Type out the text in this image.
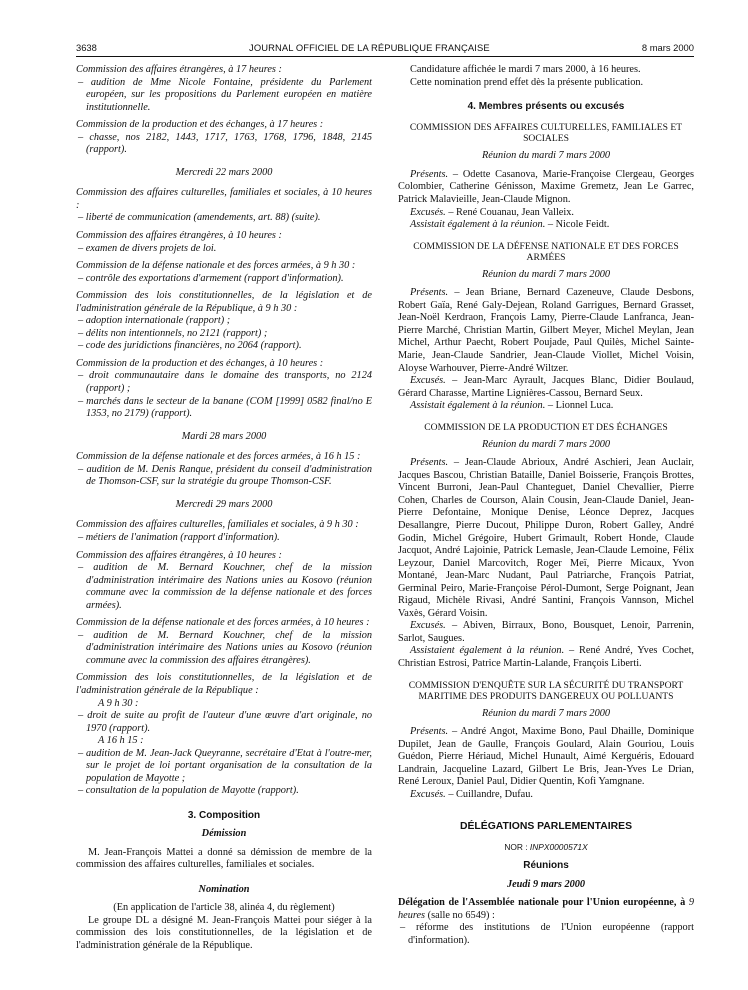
3638	JOURNAL OFFICIEL DE LA RÉPUBLIQUE FRANÇAISE	8 mars 2000
Commission des affaires étrangères, à 17 heures :
– audition de Mme Nicole Fontaine, présidente du Parlement européen, sur les propositions du Parlement européen en matière institutionnelle.
Commission de la production et des échanges, à 17 heures :
– chasse, nos 2182, 1443, 1717, 1763, 1768, 1796, 1848, 2145 (rapport).
Mercredi 22 mars 2000
Commission des affaires culturelles, familiales et sociales, à 10 heures :
– liberté de communication (amendements, art. 88) (suite).
Commission des affaires étrangères, à 10 heures :
– examen de divers projets de loi.
Commission de la défense nationale et des forces armées, à 9 h 30 :
– contrôle des exportations d'armement (rapport d'information).
Commission des lois constitutionnelles, de la législation et de l'administration générale de la République, à 9 h 30 :
– adoption internationale (rapport) ;
– délits non intentionnels, no 2121 (rapport) ;
– code des juridictions financières, no 2064 (rapport).
Commission de la production et des échanges, à 10 heures :
– droit communautaire dans le domaine des transports, no 2124 (rapport) ;
– marchés dans le secteur de la banane (COM [1999] 0582 final/no E 1353, no 2179) (rapport).
Mardi 28 mars 2000
Commission de la défense nationale et des forces armées, à 16 h 15 :
– audition de M. Denis Ranque, président du conseil d'administration de Thomson-CSF, sur la stratégie du groupe Thomson-CSF.
Mercredi 29 mars 2000
Commission des affaires culturelles, familiales et sociales, à 9 h 30 :
– métiers de l'animation (rapport d'information).
Commission des affaires étrangères, à 10 heures :
– audition de M. Bernard Kouchner, chef de la mission d'administration intérimaire des Nations unies au Kosovo (réunion commune avec la commission de la défense nationale et des forces armées).
Commission de la défense nationale et des forces armées, à 10 heures :
– audition de M. Bernard Kouchner, chef de la mission d'administration intérimaire des Nations unies au Kosovo (réunion commune avec la commission des affaires étrangères).
Commission des lois constitutionnelles, de la législation et de l'administration générale de la République :
A 9 h 30 :
– droit de suite au profit de l'auteur d'une œuvre d'art originale, no 1970 (rapport).
A 16 h 15 :
– audition de M. Jean-Jack Queyranne, secrétaire d'Etat à l'outre-mer, sur le projet de loi portant organisation de la consultation de la population de Mayotte ;
– consultation de la population de Mayotte (rapport).
3. Composition
Démission

M. Jean-François Mattei a donné sa démission de membre de la commission des affaires culturelles, familiales et sociales.

Nomination

(En application de l'article 38, alinéa 4, du règlement)

Le groupe DL a désigné M. Jean-François Mattei pour siéger à la commission des lois constitutionnelles, de la législation et de l'administration générale de la République.

Candidature affichée le mardi 7 mars 2000, à 16 heures.

Cette nomination prend effet dès la présente publication.

4. Membres présents ou excusés
COMMISSION DES AFFAIRES CULTURELLES, FAMILIALES ET SOCIALES
Réunion du mardi 7 mars 2000

Présents. – Odette Casanova, Marie-Françoise Clergeau, Georges Colombier, Catherine Génisson, Maxime Gremetz, Jean Le Garrec, Patrick Malavieille, Jean-Claude Mignon.

Excusés. – René Couanau, Jean Valleix.

Assistait également à la réunion. – Nicole Feidt.

COMMISSION DE LA DÉFENSE NATIONALE ET DES FORCES ARMÉES
Réunion du mardi 7 mars 2000

Présents. – Jean Briane, Bernard Cazeneuve, Claude Desbons, Robert Gaïa, René Galy-Dejean, Roland Garrigues, Bernard Grasset, Jean-Noël Kerdraon, François Lamy, Pierre-Claude Lanfranca, Jean-Pierre Marché, Christian Martin, Gilbert Meyer, Michel Meylan, Jean Michel, Arthur Paecht, Robert Poujade, Paul Quilès, Michel Sainte-Marie, Jean-Claude Sandrier, Jean-Claude Viollet, Michel Voisin, Aloyse Warhouver, Pierre-André Wiltzer.

Excusés. – Jean-Marc Ayrault, Jacques Blanc, Didier Boulaud, Gérard Charasse, Martine Lignières-Cassou, Bernard Seux.

Assistait également à la réunion. – Lionnel Luca.

COMMISSION DE LA PRODUCTION ET DES ÉCHANGES
Réunion du mardi 7 mars 2000

Présents. – Jean-Claude Abrioux, André Aschieri, Jean Auclair, Jacques Bascou, Christian Bataille, Daniel Boisserie, François Brottes, Vincent Burroni, Jean-Paul Chanteguet, Daniel Chevallier, Pierre Cohen, Charles de Courson, Alain Cousin, Jean-Claude Daniel, Jean-Pierre Defontaine, Monique Denise, Léonce Deprez, Jacques Desallangre, Pierre Ducout, Philippe Duron, Robert Galley, André Godin, Michel Grégoire, Hubert Grimault, Robert Honde, Claude Jacquot, André Lajoinie, Patrick Lemasle, Jean-Claude Lemoine, Félix Leyzour, Daniel Marcovitch, Roger Meï, Pierre Micaux, Yvon Montané, Jean-Marc Nudant, Paul Patriarche, François Patriat, Germinal Peiro, Marie-Françoise Pérol-Dumont, Serge Poignant, Jean Rigaud, Michèle Rivasi, André Santini, François Vannson, Michel Vaxès, Gérard Voisin.

Excusés. – Abiven, Birraux, Bono, Bousquet, Lenoir, Parrenin, Sarlot, Saugues.

Assistaient également à la réunion. – René André, Yves Cochet, Christian Estrosi, Patrice Martin-Lalande, François Liberti.

COMMISSION D'ENQUÊTE SUR LA SÉCURITÉ DU TRANSPORT MARITIME DES PRODUITS DANGEREUX OU POLLUANTS
Réunion du mardi 7 mars 2000

Présents. – André Angot, Maxime Bono, Paul Dhaille, Dominique Dupilet, Jean de Gaulle, François Goulard, Alain Gouriou, Louis Guédon, Pierre Hériaud, Michel Hunault, Aimé Kerguéris, Edouard Landrain, Jacqueline Lazard, Gilbert Le Bris, Jean-Yves Le Drian, René Leroux, Daniel Paul, Didier Quentin, Kofi Yamgnane.

Excusés. – Cuillandre, Dufau.

DÉLÉGATIONS PARLEMENTAIRES
NOR : INPX0000571X
Réunions
Jeudi 9 mars 2000

Délégation de l'Assemblée nationale pour l'Union européenne, à 9 heures (salle no 6549) :

– réforme des institutions de l'Union européenne (rapport d'information).
